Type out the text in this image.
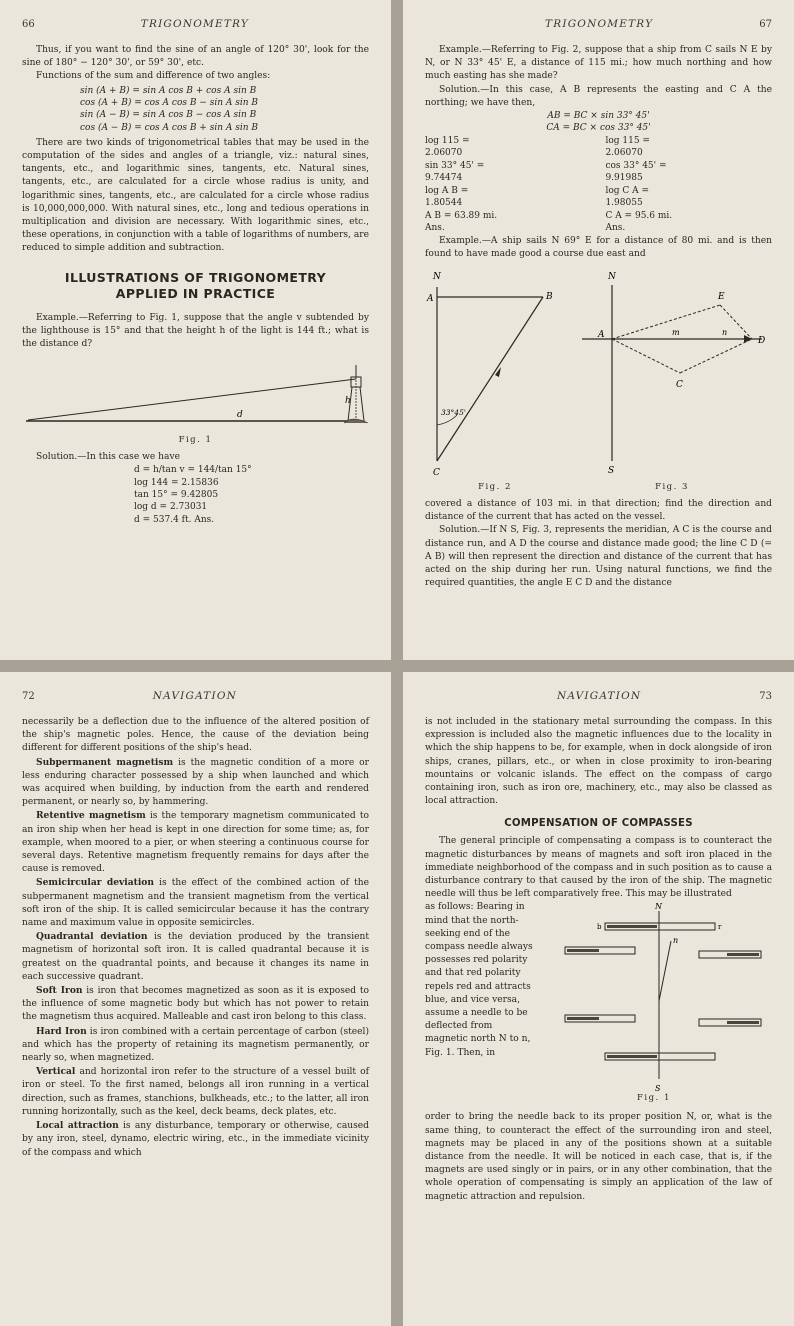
66	TRIGONOMETRY

Thus, if you want to find the sine of an angle of 120° 30', look for the sine of 180° − 120° 30', or 59° 30', etc.

Functions of the sum and difference of two angles:

sin (A + B) = sin A cos B + cos A sin B
cos (A + B) = cos A cos B − sin A sin B
sin (A − B) = sin A cos B − cos A sin B
cos (A − B) = cos A cos B + sin A sin B

There are two kinds of trigonometrical tables that may be used in the computation of the sides and angles of a triangle, viz.: natural sines, tangents, etc., and logarithmic sines, tangents, etc. Natural sines, tangents, etc., are calculated for a circle whose radius is unity, and logarithmic sines, tangents, etc., are calculated for a circle whose radius is 10,000,000,000. With natural sines, etc., long and tedious operations in multiplication and division are necessary. With logarithmic sines, etc., these operations, in conjunction with a table of logarithms of numbers, are reduced to simple addition and subtraction.

ILLUSTRATIONS OF TRIGONOMETRY APPLIED IN PRACTICE

Example.—Referring to Fig. 1, suppose that the angle v subtended by the lighthouse is 15° and that the height h of the light is 144 ft.; what is the distance d?

d
h
Fig. 1

Solution.—In this case we have

d = h/tan v = 144/tan 15°
log 144 = 2.15836
tan 15° = 9.42805
log d = 2.73031
d = 537.4 ft. Ans.
TRIGONOMETRY	67

Example.—Referring to Fig. 2, suppose that a ship from C sails N E by N, or N 33° 45' E, a distance of 115 mi.; how much northing and how much easting has she made?

Solution.—In this case, A B represents the easting and C A the northing; we have then,

AB = BC × sin 33° 45'
CA = BC × cos 33° 45'
log 115 = 2.06070
sin 33° 45' = 9.74474
log A B = 1.80544
A B = 63.89 mi. Ans.
log 115 = 2.06070
cos 33° 45' = 9.91985
log C A = 1.98055
C A = 95.6 mi. Ans.

Example.—A ship sails N 69° E for a distance of 80 mi. and is then found to have made good a course due east and

N
A	B
C
33°45'
Fig. 2
N
S
A
D
E
C
m	n
Fig. 3

covered a distance of 103 mi. in that direction; find the direction and distance of the current that has acted on the vessel.

Solution.—If N S, Fig. 3, represents the meridian, A C is the course and distance run, and A D the course and distance made good; the line C D (= A B) will then represent the direction and distance of the current that has acted on the ship during her run. Using natural functions, we find the required quantities, the angle E C D and the distance

72	NAVIGATION

necessarily be a deflection due to the influence of the altered position of the ship's magnetic poles. Hence, the cause of the deviation being different for different positions of the ship's head.

Subpermanent magnetism is the magnetic condition of a more or less enduring character possessed by a ship when launched and which was acquired when building, by induction from the earth and rendered permanent, or nearly so, by hammering.

Retentive magnetism is the temporary magnetism communicated to an iron ship when her head is kept in one direction for some time; as, for example, when moored to a pier, or when steering a continuous course for several days. Retentive magnetism frequently remains for days after the cause is removed.

Semicircular deviation is the effect of the combined action of the subpermanent magnetism and the transient magnetism from the vertical soft iron of the ship. It is called semicircular because it has the contrary name and maximum value in opposite semicircles.

Quadrantal deviation is the deviation produced by the transient magnetism of horizontal soft iron. It is called quadrantal because it is greatest on the quadrantal points, and because it changes its name in each successive quadrant.

Soft Iron is iron that becomes magnetized as soon as it is exposed to the influence of some magnetic body but which has not power to retain the magnetism thus acquired. Malleable and cast iron belong to this class.

Hard Iron is iron combined with a certain percentage of carbon (steel) and which has the property of retaining its magnetism permanently, or nearly so, when magnetized.

Vertical and horizontal iron refer to the structure of a vessel built of iron or steel. To the first named, belongs all iron running in a vertical direction, such as frames, stanchions, bulkheads, etc.; to the latter, all iron running horizontally, such as the keel, deck beams, deck plates, etc.

Local attraction is any disturbance, temporary or otherwise, caused by any iron, steel, dynamo, electric wiring, etc., in the immediate vicinity of the compass and which

NAVIGATION	73

is not included in the stationary metal surrounding the compass. In this expression is included also the magnetic influences due to the locality in which the ship happens to be, for example, when in dock alongside of iron ships, cranes, pillars, etc., or when in close proximity to iron-bearing mountains or volcanic islands. The effect on the compass of cargo containing iron, such as iron ore, machinery, etc., may also be classed as local attraction.

COMPENSATION OF COMPASSES

The general principle of compensating a compass is to counteract the magnetic disturbances by means of magnets and soft iron placed in the immediate neighborhood of the compass and in such position as to cause a disturbance contrary to that caused by the iron of the ship. The magnetic needle will thus be left comparatively free. This may be illustrated

as follows: Bearing in mind that the north-seeking end of the compass needle always possesses red polarity and that red polarity repels red and attracts blue, and vice versa, assume a needle to be deflected from magnetic north N to n, Fig. 1. Then, in

N
S
n
b	r
Fig. 1

order to bring the needle back to its proper position N, or, what is the same thing, to counteract the effect of the surrounding iron and steel, magnets may be placed in any of the positions shown at a suitable distance from the needle. It will be noticed in each case, that is, if the magnets are used singly or in pairs, or in any other combination, that the whole operation of compensating is simply an application of the law of magnetic attraction and repulsion.
